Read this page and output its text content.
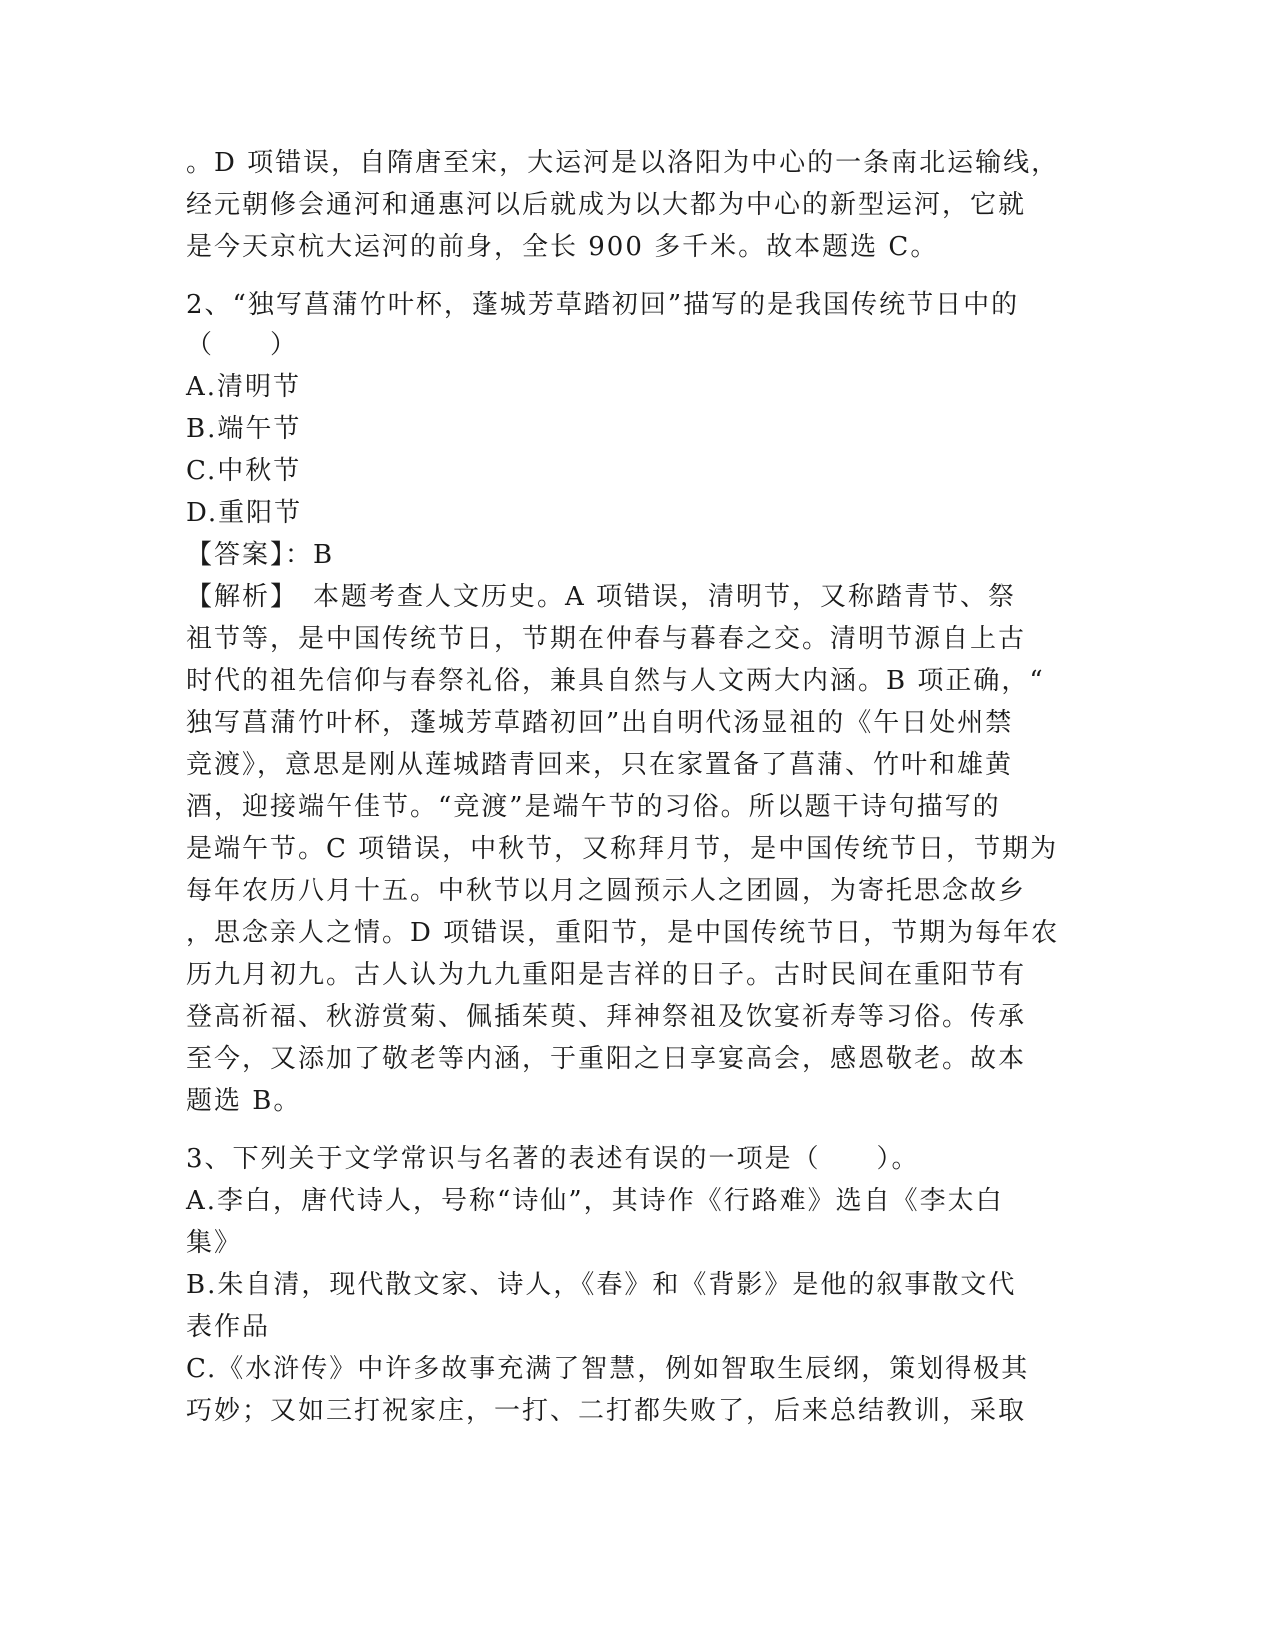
。D 项错误，自隋唐至宋，大运河是以洛阳为中心的一条南北运输线，
经元朝修会通河和通惠河以后就成为以大都为中心的新型运河，它就
是今天京杭大运河的前身，全长 900 多千米。故本题选 C。
2、“独写菖蒲竹叶杯，蓬城芳草踏初回”描写的是我国传统节日中的
（　　）
A.清明节
B.端午节
C.中秋节
D.重阳节
【答案】：B
【解析】　本题考查人文历史。A 项错误，清明节，又称踏青节、祭
祖节等，是中国传统节日，节期在仲春与暮春之交。清明节源自上古
时代的祖先信仰与春祭礼俗，兼具自然与人文两大内涵。B 项正确，“
独写菖蒲竹叶杯，蓬城芳草踏初回”出自明代汤显祖的《午日处州禁
竞渡》，意思是刚从莲城踏青回来，只在家置备了菖蒲、竹叶和雄黄
酒，迎接端午佳节。“竞渡”是端午节的习俗。所以题干诗句描写的
是端午节。C 项错误，中秋节，又称拜月节，是中国传统节日，节期为
每年农历八月十五。中秋节以月之圆预示人之团圆，为寄托思念故乡
，思念亲人之情。D 项错误，重阳节，是中国传统节日，节期为每年农
历九月初九。古人认为九九重阳是吉祥的日子。古时民间在重阳节有
登高祈福、秋游赏菊、佩插茱萸、拜神祭祖及饮宴祈寿等习俗。传承
至今，又添加了敬老等内涵，于重阳之日享宴高会，感恩敬老。故本
题选 B。
3、下列关于文学常识与名著的表述有误的一项是（　　）。
A.李白，唐代诗人，号称“诗仙”，其诗作《行路难》选自《李太白
集》
B.朱自清，现代散文家、诗人，《春》和《背影》是他的叙事散文代
表作品
C.《水浒传》中许多故事充满了智慧，例如智取生辰纲，策划得极其
巧妙；又如三打祝家庄，一打、二打都失败了，后来总结教训，采取
